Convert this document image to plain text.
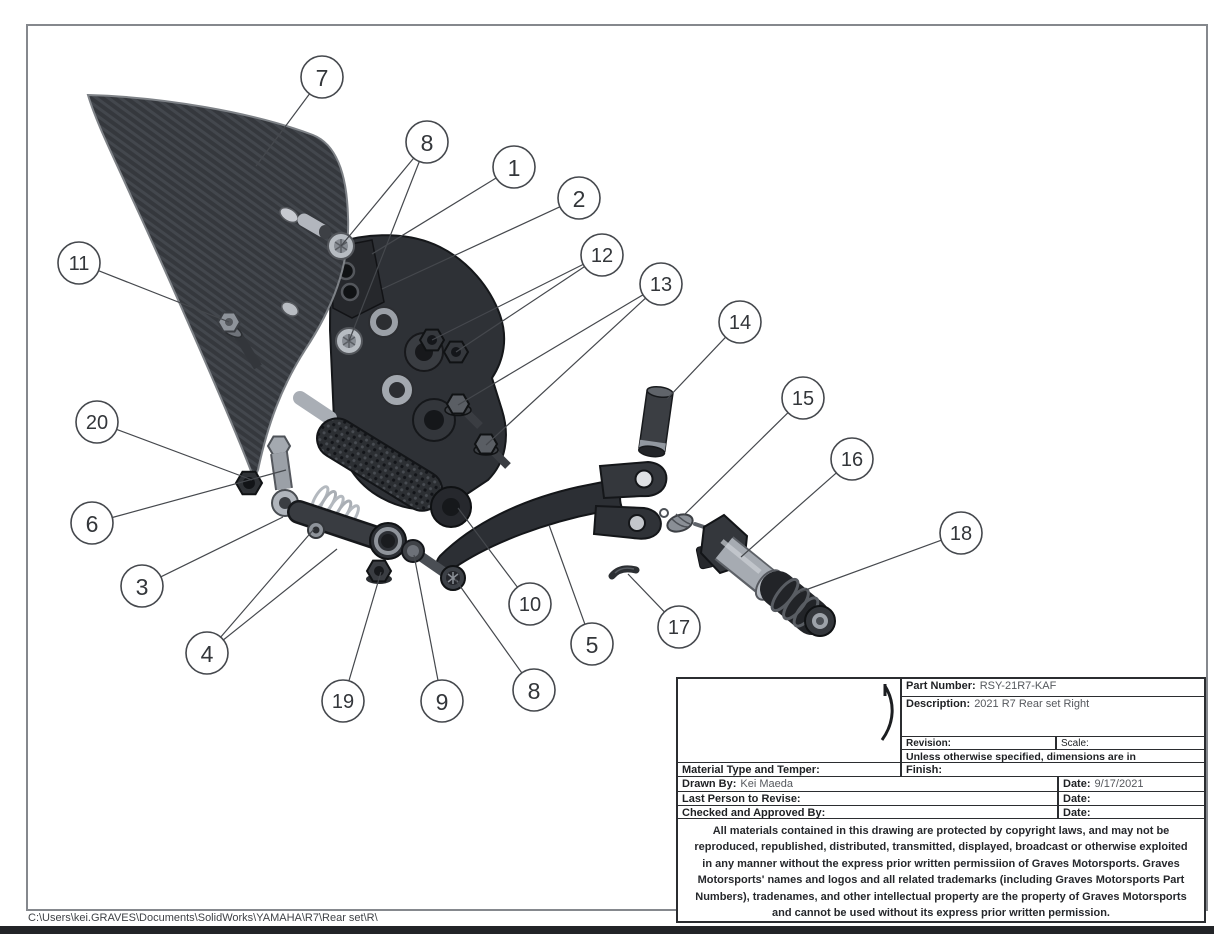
7
8
1
2
12
13
11
14
15
20
16
6	18
3
10
5
17
4
8
19	9
Part Number: RSY-21R7-KAF
Description: 2021 R7 Rear set Right
Revision:	Scale:
Unless otherwise specified, dimensions are in
Material Type and Temper:	Finish:
Drawn By: Kei Maeda	Date: 9/17/2021
Last Person to Revise:	Date:
Checked and Approved By:	Date:
All materials contained in this drawing are protected by copyright laws, and may not be reproduced, republished, distributed, transmitted, displayed, broadcast or otherwise exploited in any manner without the express prior written permissiion of Graves Motorsports. Graves Motorsports' names and logos and all related trademarks (including Graves Motorsports Part Numbers), tradenames, and other intellectual property are the property of Graves Motorsports and cannot be used without its express prior written permission.
C:\Users\kei.GRAVES\Documents\SolidWorks\YAMAHA\R7\Rear set\R\
